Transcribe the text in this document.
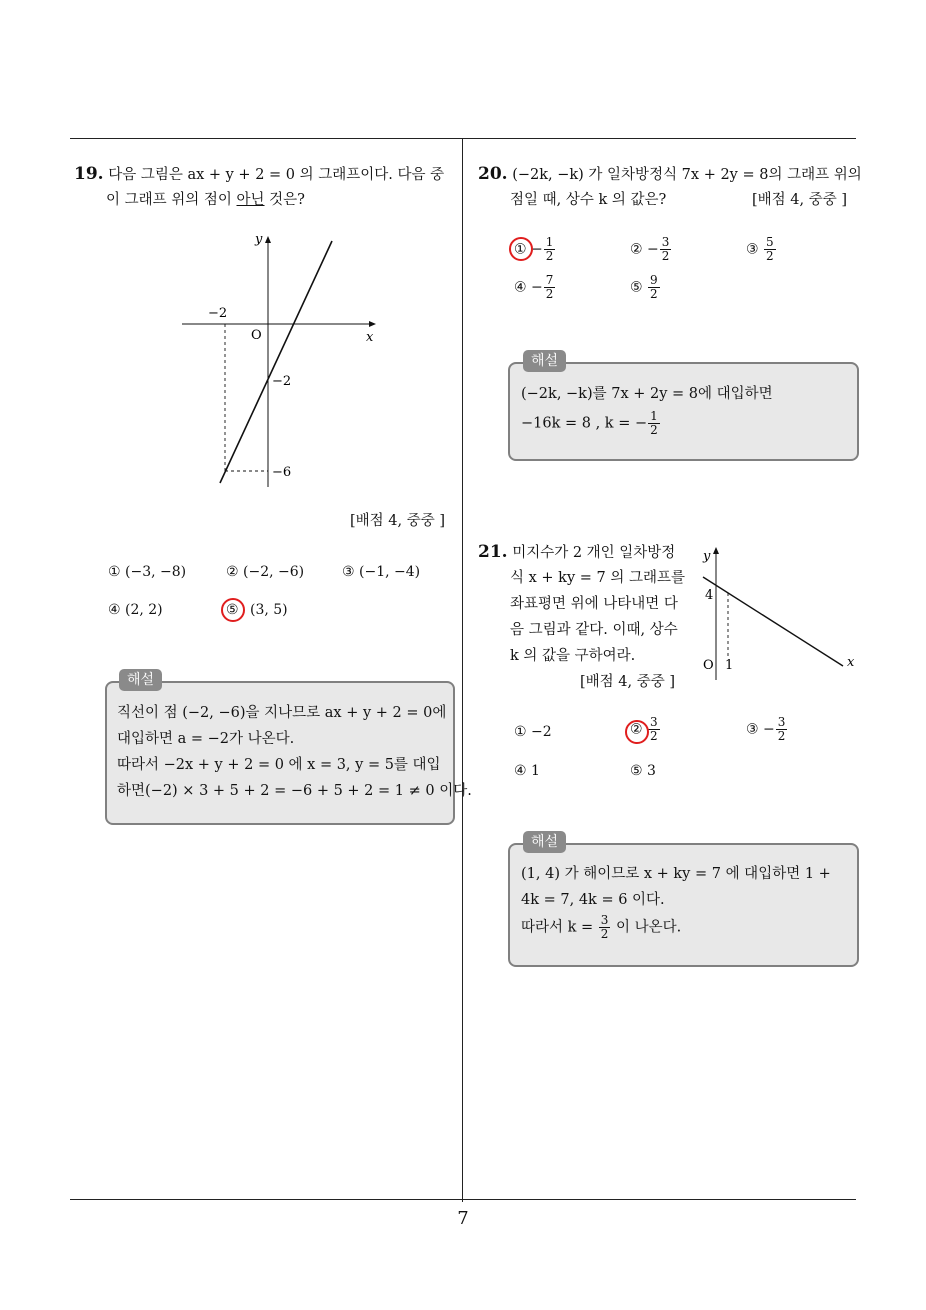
19. 다음 그림은 ax + y + 2 = 0 의 그래프이다. 다음 중
이 그래프 위의 점이 아닌 것은?
−2
O	x
y
−2
−6
[배점 4, 중중 ]
① (−3, −8)	② (−2, −6)	③ (−1, −4)
④ (2, 2)	⑤ (3, 5)
해설
직선이 점 (−2, −6)을 지나므로 ax + y + 2 = 0에
대입하면 a = −2가 나온다.
따라서 −2x + y + 2 = 0 에 x = 3, y = 5를 대입
하면(−2) × 3 + 5 + 2 = −6 + 5 + 2 = 1 ≠ 0 이다.
20. (−2k, −k) 가 일차방정식 7x + 2y = 8의 그래프 위의
점일 때, 상수 k 의 값은?	[배점 4, 중중 ]
① − $\frac{1}{2}$	② − $\frac{3}{2}$	③ $\frac{5}{2}$
④ − $\frac{7}{2}$	⑤ $\frac{9}{2}$
해설
(−2k, −k)를 7x + 2y = 8에 대입하면
−16k = 8 , k = − $\frac{1}{2}$
21. 미지수가 2 개인 일차방정
식 x + ky = 7 의 그래프를
좌표평면 위에 나타내면 다
음 그림과 같다. 이때, 상수
k 의 값을 구하여라.
[배점 4, 중중 ]
y
x
4
O 1
① −2	② $\frac{3}{2}$	③ − $\frac{3}{2}$
④ 1	⑤ 3
해설
(1, 4) 가 해이므로 x + ky = 7 에 대입하면 1 +
4k = 7, 4k = 6 이다.
따라서 $k = \frac{3}{2}$ 이 나온다.
7
